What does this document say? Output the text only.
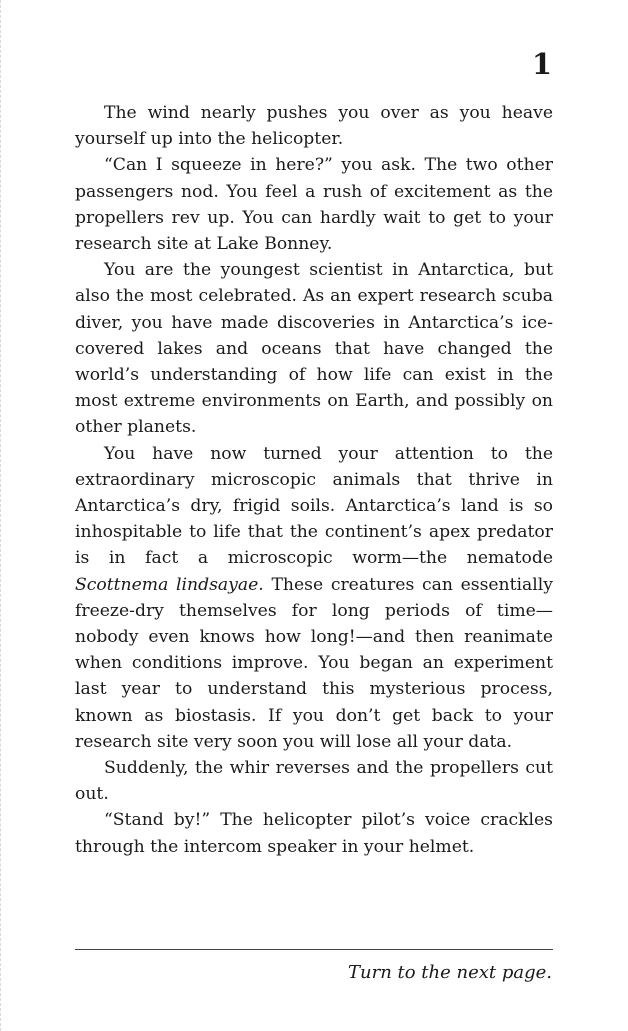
1

The wind nearly pushes you over as you heave yourself up into the helicopter.

“Can I squeeze in here?” you ask. The two other passengers nod. You feel a rush of excitement as the propellers rev up. You can hardly wait to get to your research site at Lake Bonney.

You are the youngest scientist in Antarctica, but also the most celebrated. As an expert research scuba diver, you have made discoveries in Antarctica’s ice-covered lakes and oceans that have changed the world’s understanding of how life can exist in the most extreme environments on Earth, and possibly on other planets.

You have now turned your attention to the extraordinary microscopic animals that thrive in Antarctica’s dry, frigid soils. Antarctica’s land is so inhospitable to life that the continent’s apex predator is in fact a microscopic worm—the nematode Scottnema lindsayae. These creatures can essentially freeze-dry themselves for long periods of time—nobody even knows how long!—and then reanimate when conditions improve. You began an experiment last year to understand this mysterious process, known as biostasis. If you don’t get back to your research site very soon you will lose all your data.

Suddenly, the whir reverses and the propellers cut out.

“Stand by!” The helicopter pilot’s voice crackles through the intercom speaker in your helmet.

Turn to the next page.
